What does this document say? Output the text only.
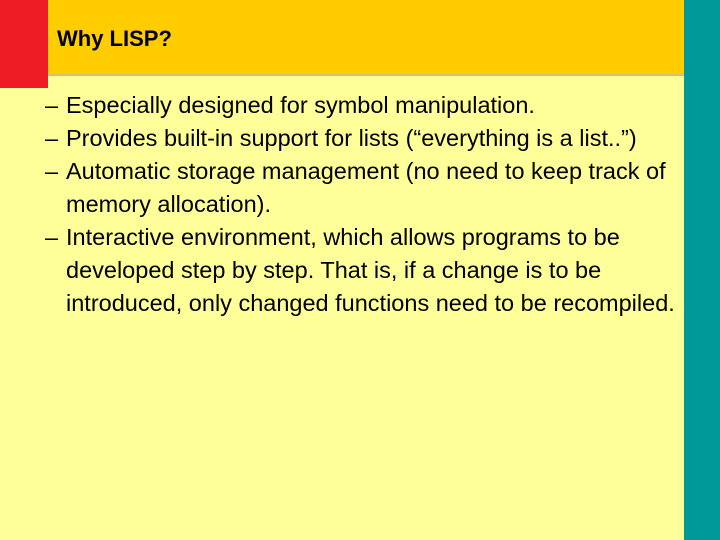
Why LISP?
– Especially designed for symbol manipulation.
– Provides built-in support for lists (“everything is a list..”)
– Automatic storage management (no need to keep track of memory allocation).
– Interactive environment, which allows programs to be developed step by step. That is, if a change is to be introduced, only changed functions need to be recompiled.
